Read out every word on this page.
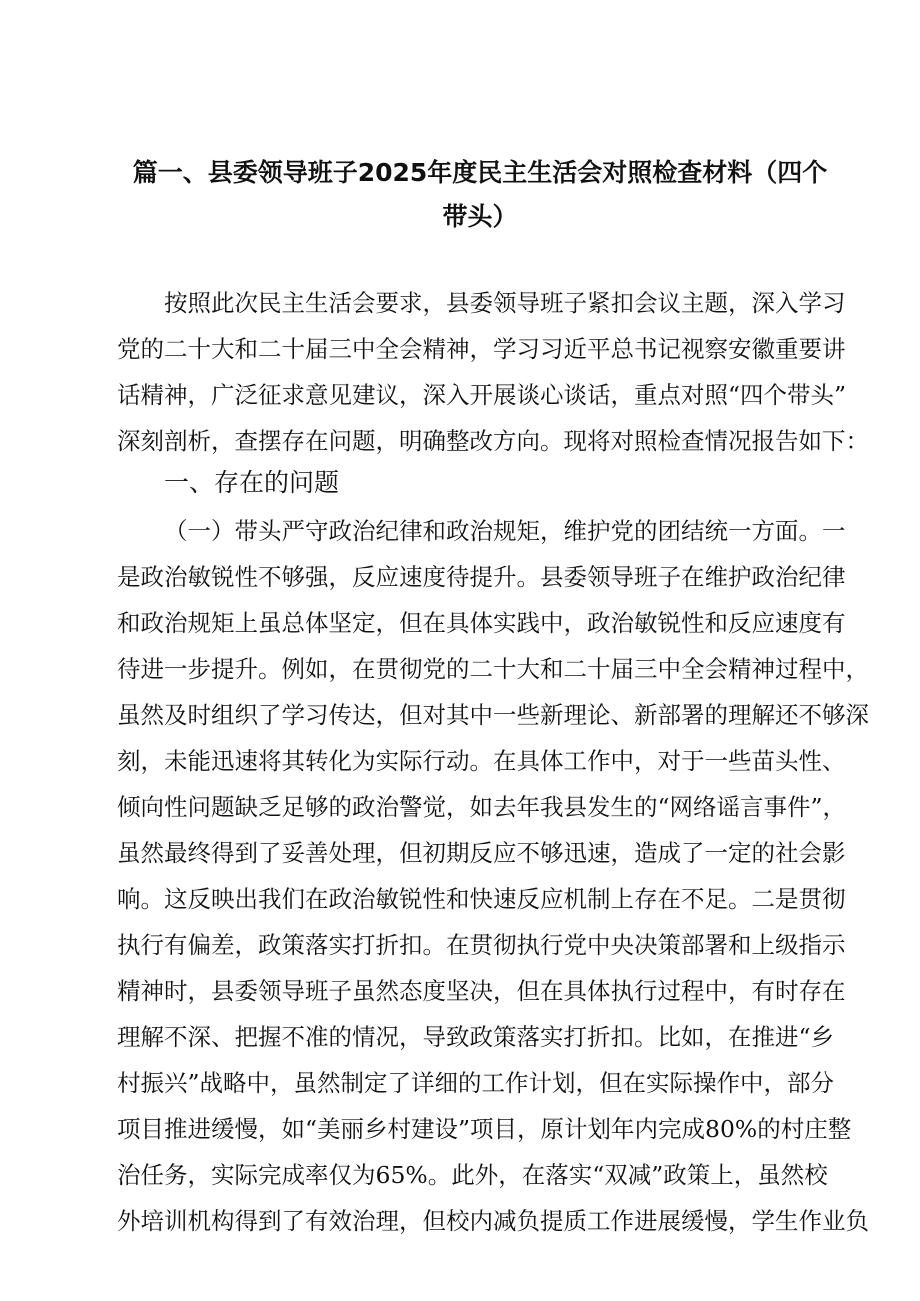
篇一、县委领导班子2025年度民主生活会对照检查材料（四个
带头）
按照此次民主生活会要求，县委领导班子紧扣会议主题，深入学习
党的二十大和二十届三中全会精神，学习习近平总书记视察安徽重要讲
话精神，广泛征求意见建议，深入开展谈心谈话，重点对照“四个带头”
深刻剖析，查摆存在问题，明确整改方向。现将对照检查情况报告如下：
一、存在的问题
（一）带头严守政治纪律和政治规矩，维护党的团结统一方面。一
是政治敏锐性不够强，反应速度待提升。县委领导班子在维护政治纪律
和政治规矩上虽总体坚定，但在具体实践中，政治敏锐性和反应速度有
待进一步提升。例如，在贯彻党的二十大和二十届三中全会精神过程中，
虽然及时组织了学习传达，但对其中一些新理论、新部署的理解还不够深
刻，未能迅速将其转化为实际行动。在具体工作中，对于一些苗头性、
倾向性问题缺乏足够的政治警觉，如去年我县发生的“网络谣言事件”，
虽然最终得到了妥善处理，但初期反应不够迅速，造成了一定的社会影
响。这反映出我们在政治敏锐性和快速反应机制上存在不足。二是贯彻
执行有偏差，政策落实打折扣。在贯彻执行党中央决策部署和上级指示
精神时，县委领导班子虽然态度坚决，但在具体执行过程中，有时存在
理解不深、把握不准的情况，导致政策落实打折扣。比如，在推进“乡
村振兴”战略中，虽然制定了详细的工作计划，但在实际操作中，部分
项目推进缓慢，如“美丽乡村建设”项目，原计划年内完成80%的村庄整
治任务，实际完成率仅为65%。此外，在落实“双减”政策上，虽然校
外培训机构得到了有效治理，但校内减负提质工作进展缓慢，学生作业负
